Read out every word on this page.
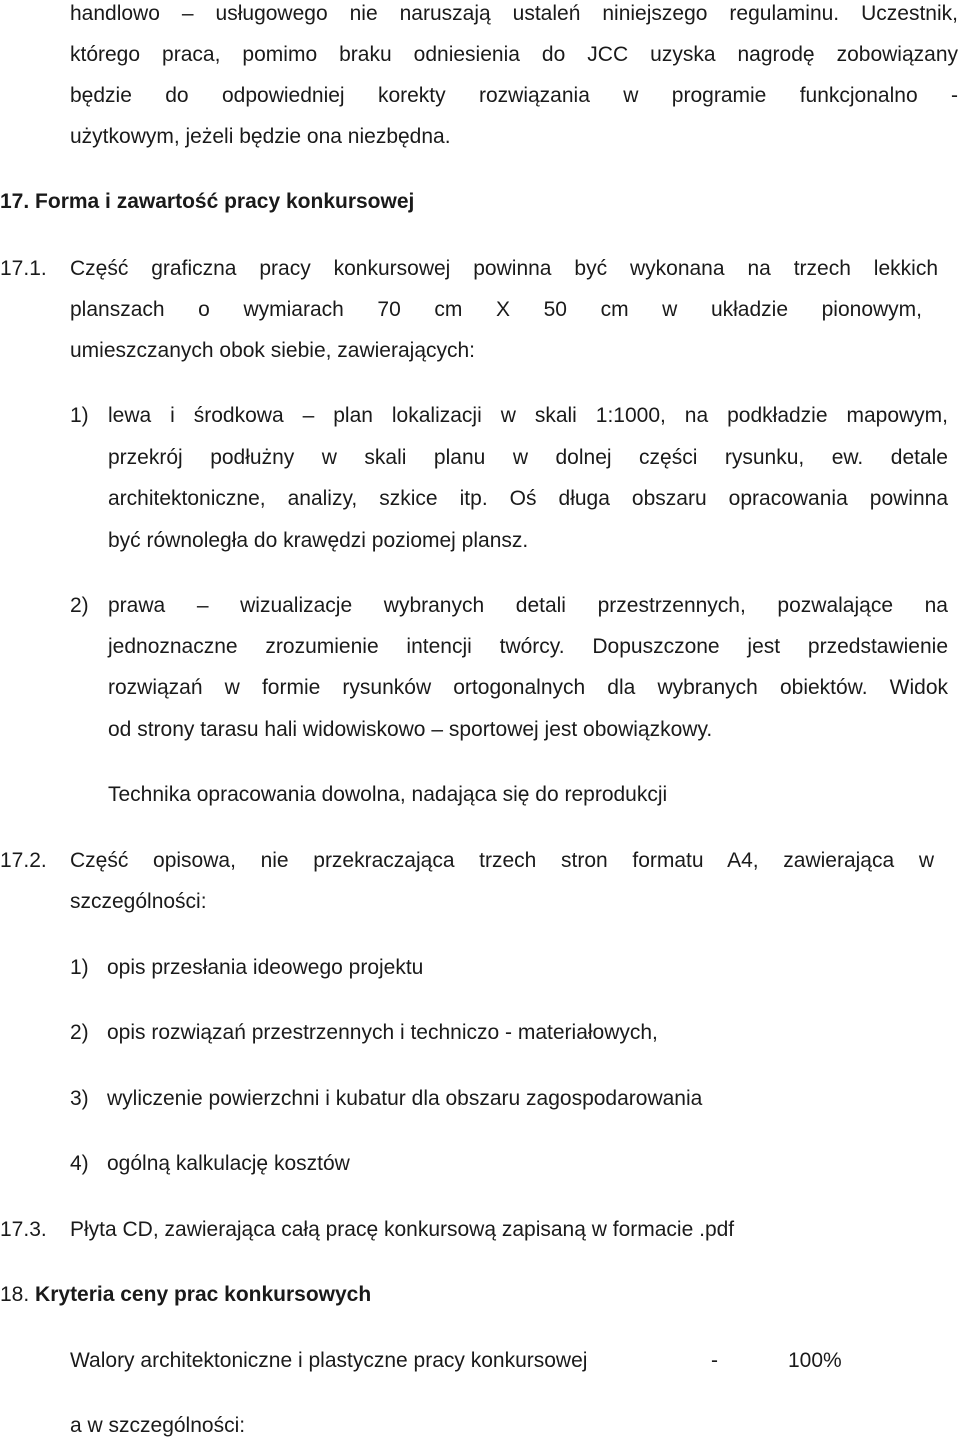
handlowo – usługowego nie naruszają ustaleń niniejszego regulaminu. Uczestnik,
którego praca, pomimo braku odniesienia do JCC uzyska nagrodę zobowiązany
będzie do odpowiedniej korekty rozwiązania w programie funkcjonalno -
użytkowym, jeżeli będzie ona niezbędna.
17. Forma i zawartość pracy konkursowej
17.1. Część graficzna pracy konkursowej powinna być wykonana na trzech lekkich
planszach o wymiarach 70 cm X 50 cm w układzie pionowym,
umieszczanych obok siebie, zawierających:
1) lewa i środkowa – plan lokalizacji w skali 1:1000, na podkładzie mapowym,
przekrój podłużny w skali planu w dolnej części rysunku, ew. detale
architektoniczne, analizy, szkice itp. Oś długa obszaru opracowania powinna
być równoległa do krawędzi poziomej plansz.
2) prawa – wizualizacje wybranych detali przestrzennych, pozwalające na
jednoznaczne zrozumienie intencji twórcy. Dopuszczone jest przedstawienie
rozwiązań w formie rysunków ortogonalnych dla wybranych obiektów. Widok
od strony tarasu hali widowiskowo – sportowej jest obowiązkowy.
Technika opracowania dowolna, nadająca się do reprodukcji
17.2. Część opisowa, nie przekraczająca trzech stron formatu A4, zawierająca w
szczególności:
1) opis przesłania ideowego projektu
2) opis rozwiązań przestrzennych i techniczo - materiałowych,
3) wyliczenie powierzchni i kubatur dla obszaru zagospodarowania
4) ogólną kalkulację kosztów
17.3. Płyta CD, zawierająca całą pracę konkursową zapisaną w formacie .pdf
18. Kryteria ceny prac konkursowych
Walory architektoniczne i plastyczne pracy konkursowej	-	100%
a w szczególności:
